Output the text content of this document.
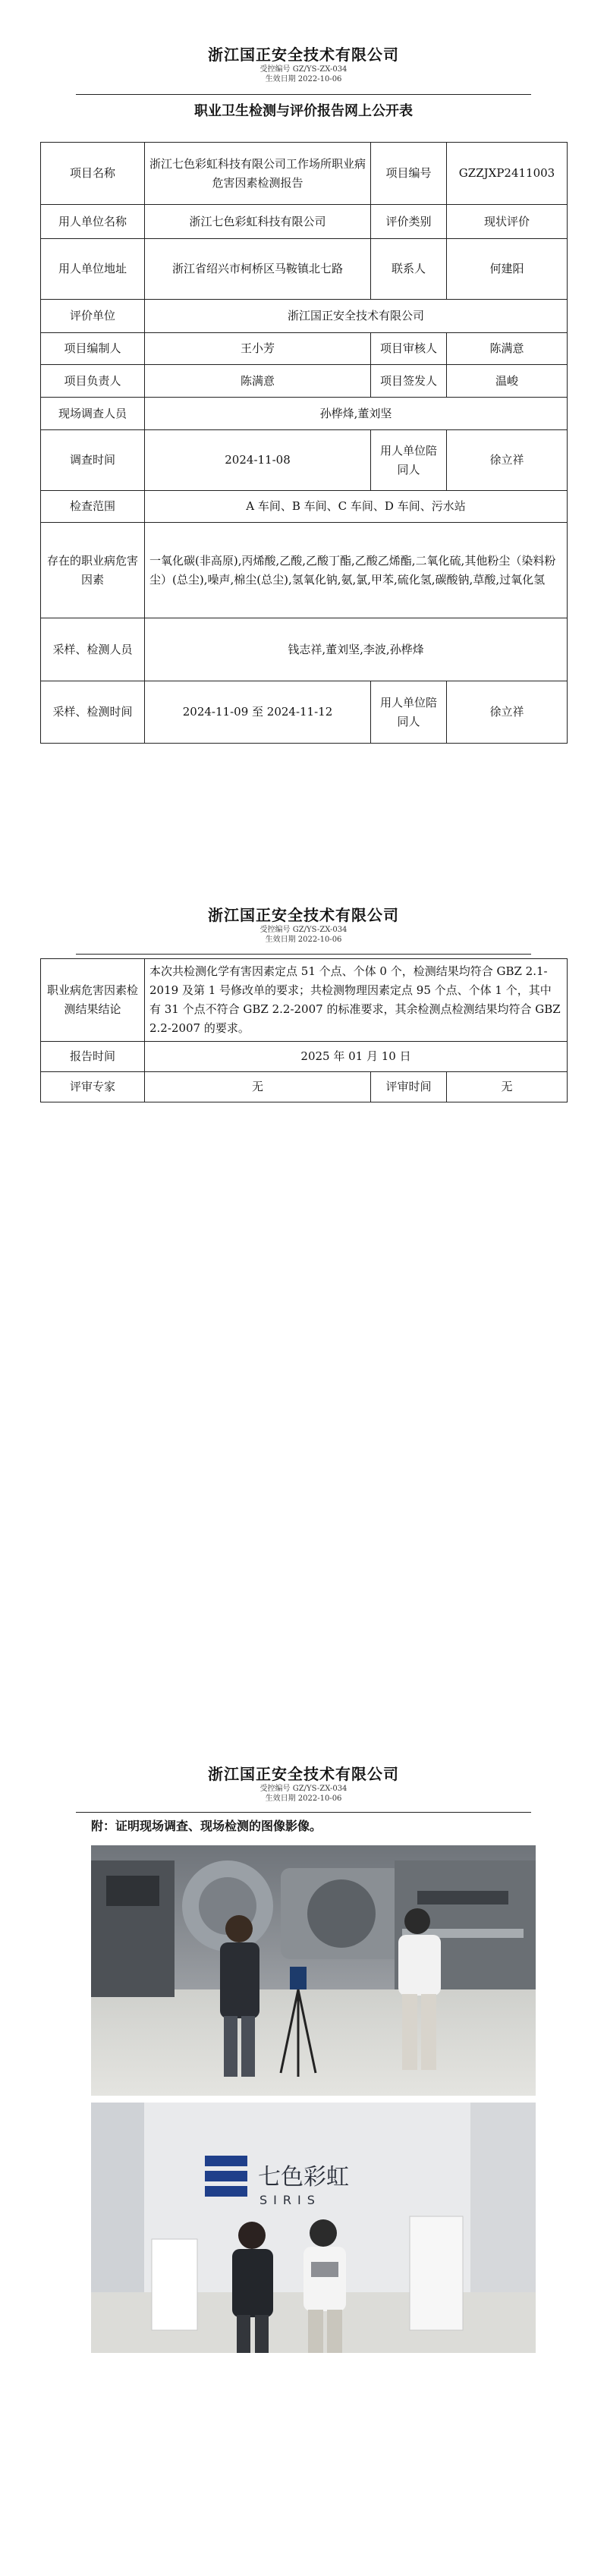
浙江国正安全技术有限公司
受控编号 GZ/YS-ZX-034
生效日期 2022-10-06
职业卫生检测与评价报告网上公开表
项目名称	浙江七色彩虹科技有限公司工作场所职业病危害因素检测报告	项目编号	GZZJXP2411003
用人单位名称	浙江七色彩虹科技有限公司	评价类别	现状评价
用人单位地址	浙江省绍兴市柯桥区马鞍镇北七路	联系人	何建阳
评价单位	浙江国正安全技术有限公司		
项目编制人	王小芳	项目审核人	陈满意
项目负责人	陈满意	项目签发人	温峻
现场调查人员	孙桦烽,董刘坚		
调查时间	2024-11-08	用人单位陪同人	徐立祥
检查范围	A 车间、B 车间、C 车间、D 车间、污水站		
存在的职业病危害因素	一氧化碳(非高原),丙烯酸,乙酸,乙酸丁酯,乙酸乙烯酯,二氧化硫,其他粉尘（染料粉尘）(总尘),噪声,棉尘(总尘),氢氧化钠,氨,氯,甲苯,硫化氢,碳酸钠,草酸,过氧化氢		
采样、检测人员	钱志祥,董刘坚,李波,孙桦烽		
采样、检测时间	2024-11-09 至 2024-11-12	用人单位陪同人	徐立祥
浙江国正安全技术有限公司
受控编号 GZ/YS-ZX-034
生效日期 2022-10-06
职业病危害因素检测结果结论	本次共检测化学有害因素定点 51 个点、个体 0 个，检测结果均符合 GBZ 2.1-2019 及第 1 号修改单的要求；共检测物理因素定点 95 个点、个体 1 个，其中有 31 个点不符合 GBZ 2.2-2007 的标准要求，其余检测点检测结果均符合 GBZ 2.2-2007 的要求。		
报告时间	2025 年 01 月 10 日		
评审专家	无	评审时间	无
浙江国正安全技术有限公司
受控编号 GZ/YS-ZX-034
生效日期 2022-10-06
附：证明现场调查、现场检测的图像影像。
七色彩虹
SIRIS
